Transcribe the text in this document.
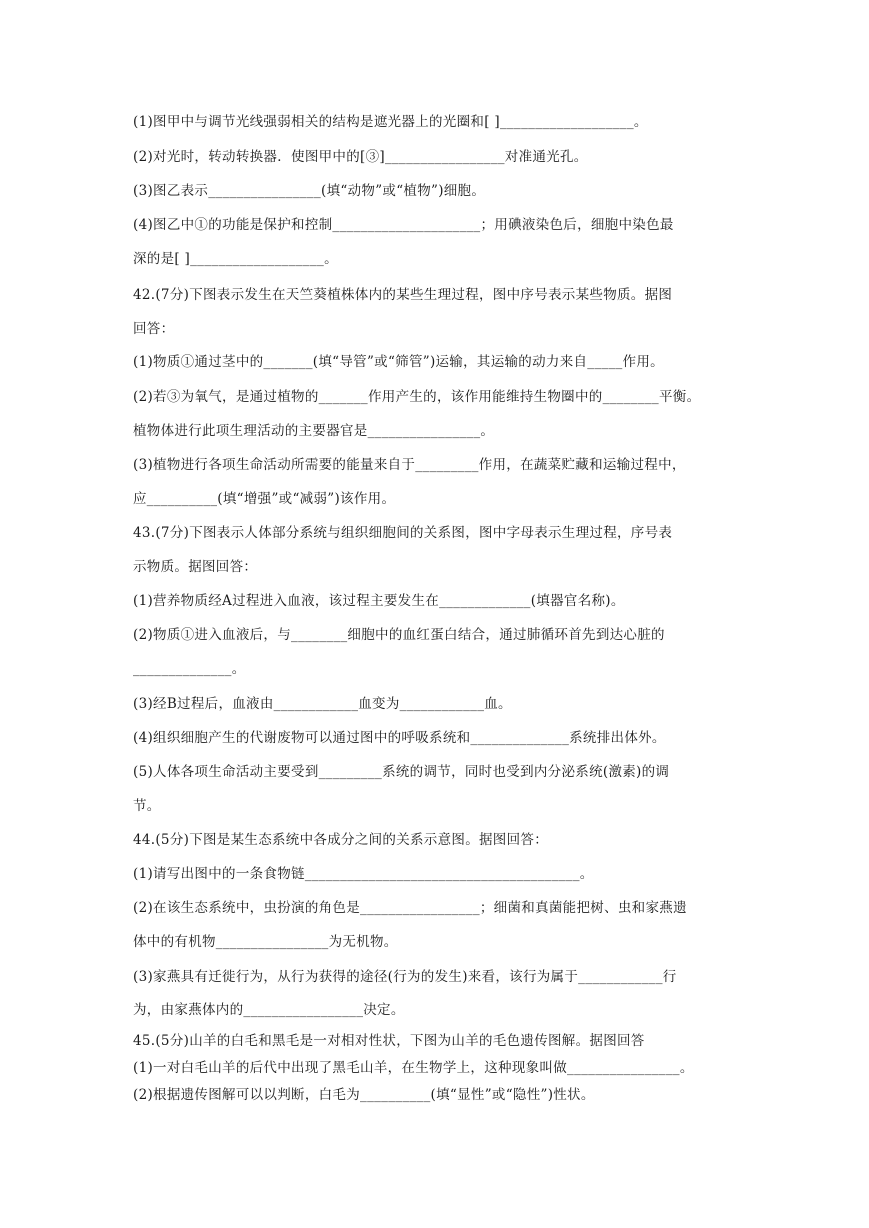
(1)图甲中与调节光线强弱相关的结构是遮光器上的光圈和[ ]___________________。
(2)对光时，转动转换器．使图甲中的[③]_________________对准通光孔。
(3)图乙表示________________(填“动物”或“植物”)细胞。
(4)图乙中①的功能是保护和控制_____________________；用碘液染色后，细胞中染色最
深的是[ ]___________________。
42.(7分)下图表示发生在天竺葵植株体内的某些生理过程，图中序号表示某些物质。据图
回答：
(1)物质①通过茎中的_______(填“导管”或“筛管”)运输，其运输的动力来自_____作用。
(2)若③为氧气，是通过植物的_______作用产生的，该作用能维持生物圈中的________平衡。
植物体进行此项生理活动的主要器官是________________。
(3)植物进行各项生命活动所需要的能量来自于_________作用，在蔬菜贮藏和运输过程中，
应__________(填“增强”或“减弱”)该作用。
43.(7分)下图表示人体部分系统与组织细胞间的关系图，图中字母表示生理过程，序号表
示物质。据图回答：
(1)营养物质经A过程进入血液，该过程主要发生在_____________(填器官名称)。
(2)物质①进入血液后，与________细胞中的血红蛋白结合，通过肺循环首先到达心脏的
______________。
(3)经B过程后，血液由____________血变为____________血。
(4)组织细胞产生的代谢废物可以通过图中的呼吸系统和______________系统排出体外。
(5)人体各项生命活动主要受到_________系统的调节，同时也受到内分泌系统(激素)的调
节。
44.(5分)下图是某生态系统中各成分之间的关系示意图。据图回答：
(1)请写出图中的一条食物链_______________________________________。
(2)在该生态系统中，虫扮演的角色是_________________；细菌和真菌能把树、虫和家燕遗
体中的有机物________________为无机物。
(3)家燕具有迁徙行为，从行为获得的途径(行为的发生)来看，该行为属于____________行
为，由家燕体内的_________________决定。
45.(5分)山羊的白毛和黑毛是一对相对性状，下图为山羊的毛色遗传图解。据图回答
(1)一对白毛山羊的后代中出现了黑毛山羊，在生物学上，这种现象叫做________________。
(2)根据遗传图解可以以判断，白毛为__________(填“显性”或“隐性”)性状。
